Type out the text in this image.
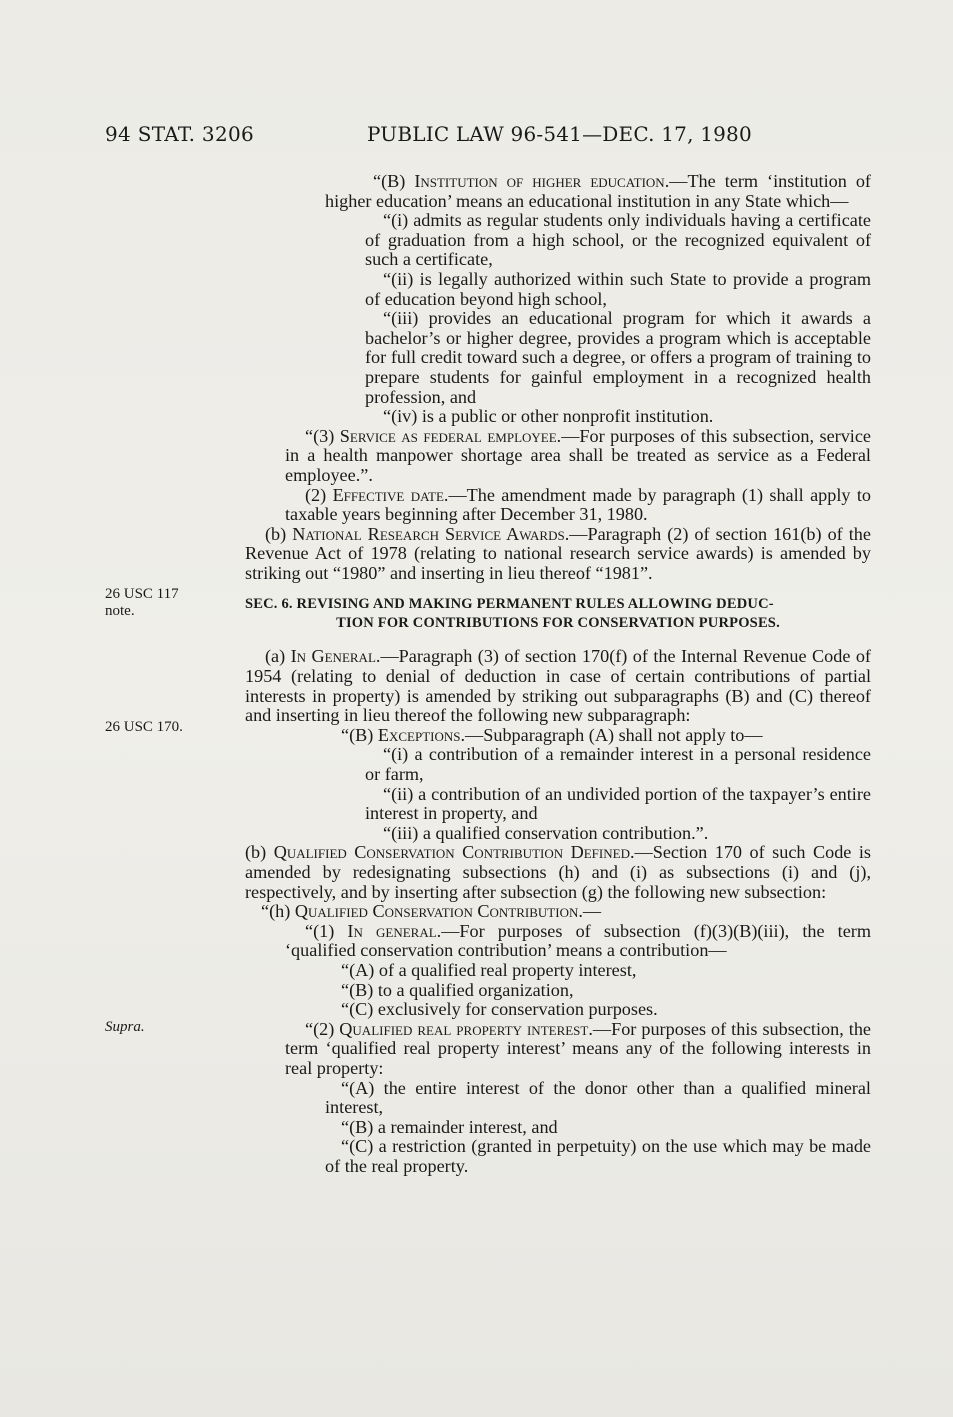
94 STAT. 3206	PUBLIC LAW 96-541—DEC. 17, 1980
26 USC 117
note.
26 USC 170.
Supra.

“(B) Institution of higher education.—The term ‘institution of higher education’ means an educational institution in any State which—

“(i) admits as regular students only individuals having a certificate of graduation from a high school, or the recognized equivalent of such a certificate,

“(ii) is legally authorized within such State to provide a program of education beyond high school,

“(iii) provides an educational program for which it awards a bachelor’s or higher degree, provides a program which is acceptable for full credit toward such a degree, or offers a program of training to prepare students for gainful employment in a recognized health profession, and

“(iv) is a public or other nonprofit institution.

“(3) Service as federal employee.—For purposes of this subsection, service in a health manpower shortage area shall be treated as service as a Federal employee.”.

(2) Effective date.—The amendment made by paragraph (1) shall apply to taxable years beginning after December 31, 1980.

(b) National Research Service Awards.—Paragraph (2) of section 161(b) of the Revenue Act of 1978 (relating to national research service awards) is amended by striking out “1980” and inserting in lieu thereof “1981”.

SEC. 6. REVISING AND MAKING PERMANENT RULES ALLOWING DEDUC-
TION FOR CONTRIBUTIONS FOR CONSERVATION PURPOSES.

(a) In General.—Paragraph (3) of section 170(f) of the Internal Revenue Code of 1954 (relating to denial of deduction in case of certain contributions of partial interests in property) is amended by striking out subparagraphs (B) and (C) thereof and inserting in lieu thereof the following new subparagraph:

“(B) Exceptions.—Subparagraph (A) shall not apply to—

“(i) a contribution of a remainder interest in a personal residence or farm,

“(ii) a contribution of an undivided portion of the taxpayer’s entire interest in property, and

“(iii) a qualified conservation contribution.”.

(b) Qualified Conservation Contribution Defined.—Section 170 of such Code is amended by redesignating subsections (h) and (i) as subsections (i) and (j), respectively, and by inserting after subsection (g) the following new subsection:

“(h) Qualified Conservation Contribution.—

“(1) In general.—For purposes of subsection (f)(3)(B)(iii), the term ‘qualified conservation contribution’ means a contribution—

“(A) of a qualified real property interest,

“(B) to a qualified organization,

“(C) exclusively for conservation purposes.

“(2) Qualified real property interest.—For purposes of this subsection, the term ‘qualified real property interest’ means any of the following interests in real property:

“(A) the entire interest of the donor other than a qualified mineral interest,

“(B) a remainder interest, and

“(C) a restriction (granted in perpetuity) on the use which may be made of the real property.
